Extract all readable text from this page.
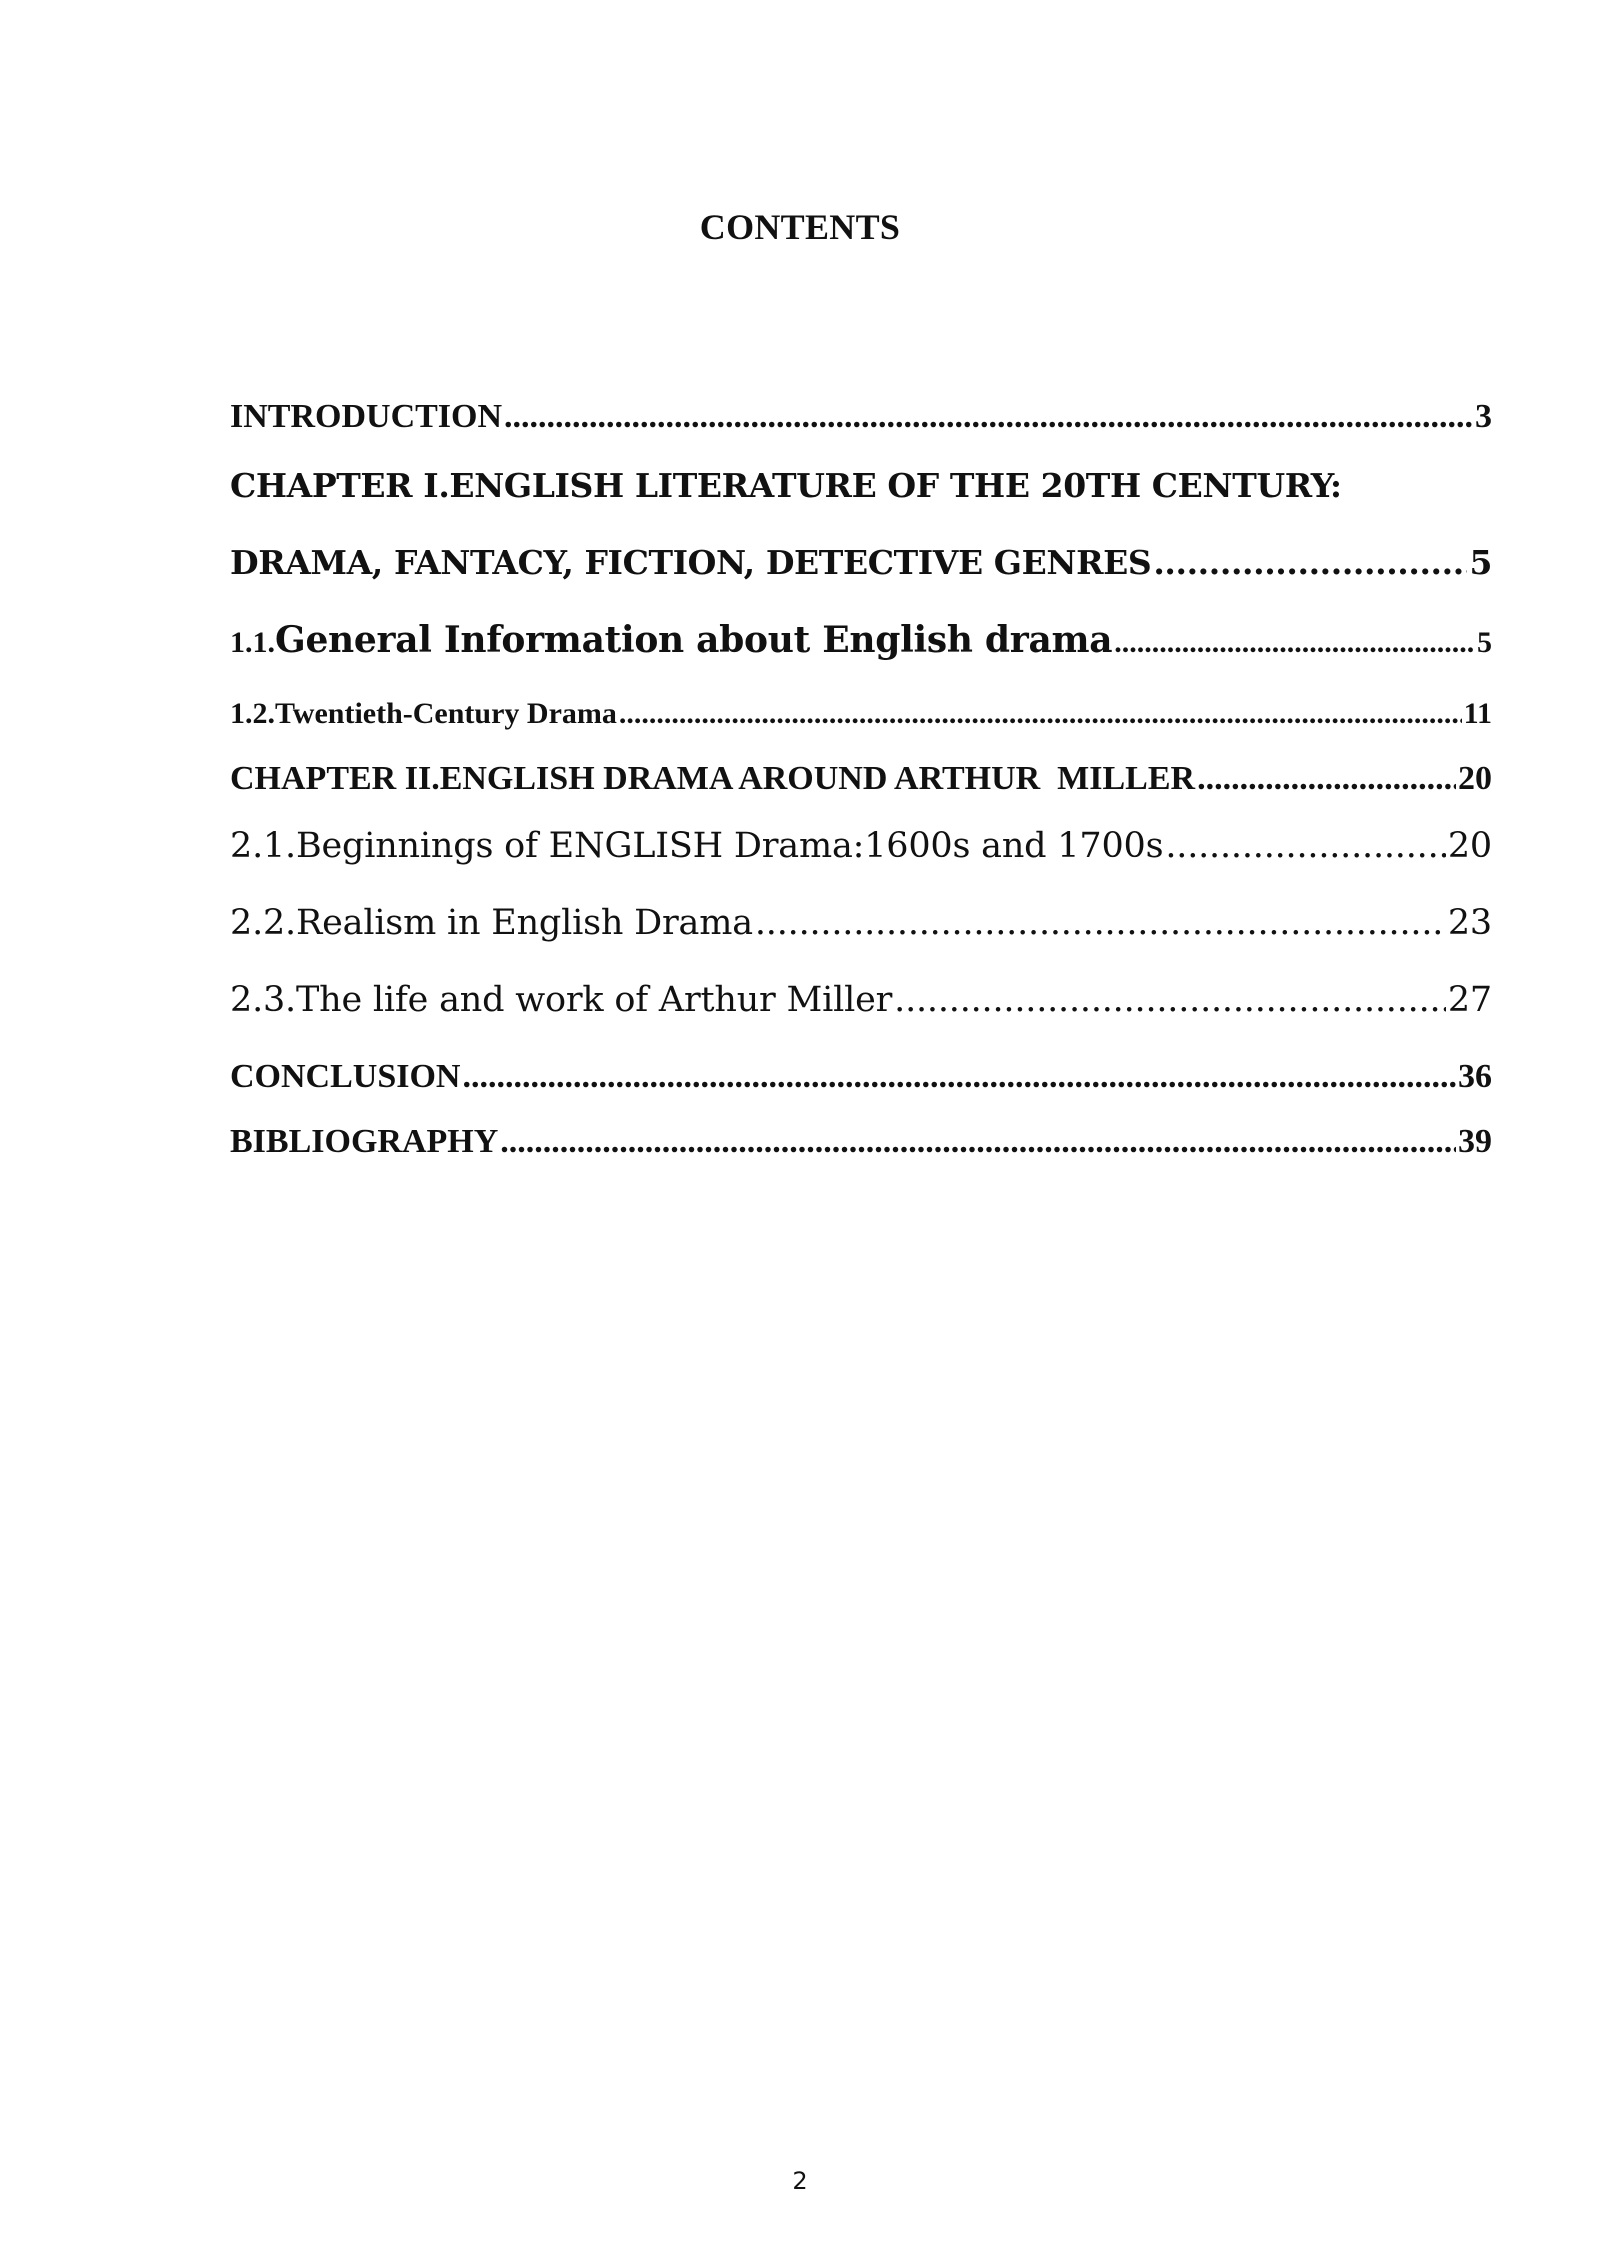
CONTENTS
INTRODUCTION .....	3
CHAPTER I.ENGLISH LITERATURE OF THE 20TH CENTURY:
DRAMA, FANTACY, FICTION, DETECTIVE GENRES .....	5
1.1.General Information about English drama .....	5
1.2.Twentieth-Century Drama .....	11
CHAPTER II.ENGLISH DRAMA AROUND ARTHUR  MILLER .....	20
2.1.Beginnings of ENGLISH Drama:1600s and 1700s .....	20
2.2.Realism in English Drama .....	23
2.3.The life and work of Arthur Miller .....	27
CONCLUSION .....	36
BIBLIOGRAPHY .....	39
2
